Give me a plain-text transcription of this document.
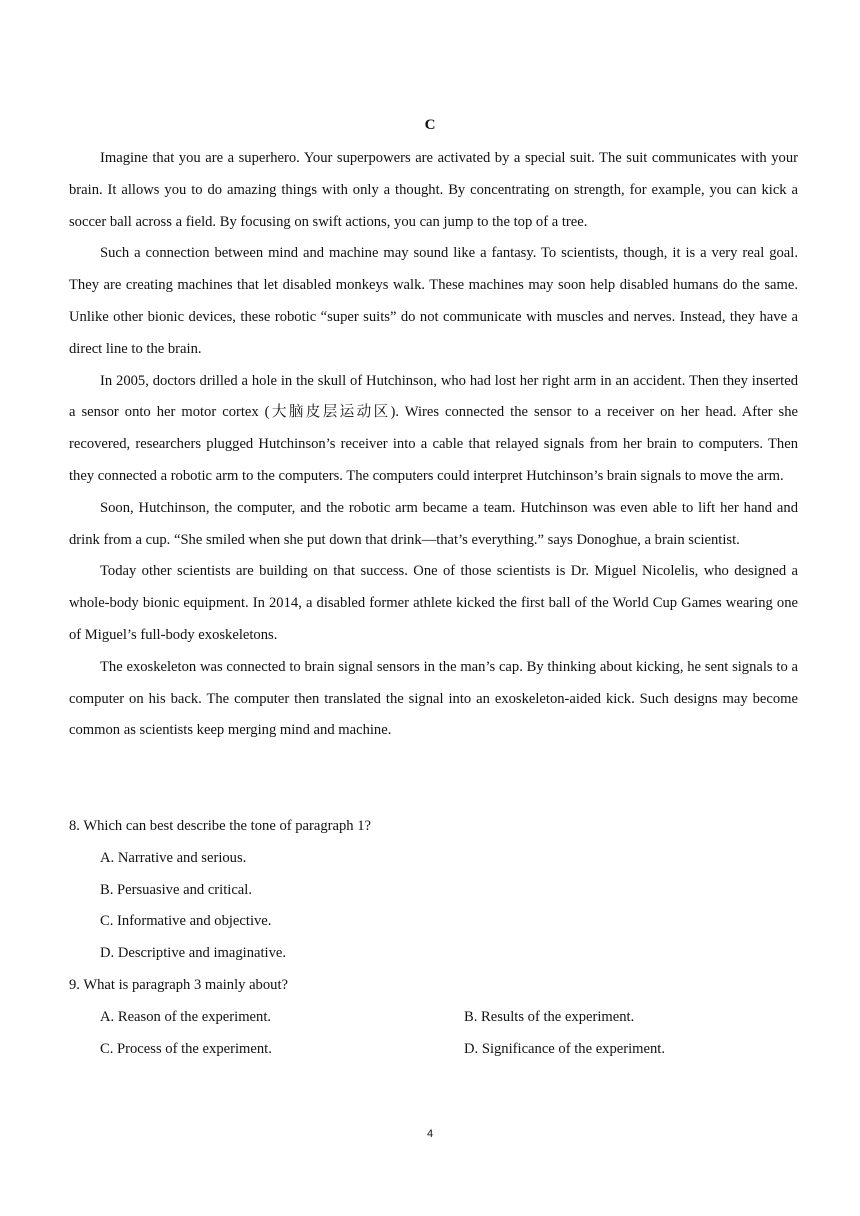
C

Imagine that you are a superhero. Your superpowers are activated by a special suit. The suit communicates with your brain. It allows you to do amazing things with only a thought. By concentrating on strength, for example, you can kick a soccer ball across a field. By focusing on swift actions, you can jump to the top of a tree.

Such a connection between mind and machine may sound like a fantasy. To scientists, though, it is a very real goal. They are creating machines that let disabled monkeys walk. These machines may soon help disabled humans do the same. Unlike other bionic devices, these robotic “super suits” do not communicate with muscles and nerves. Instead, they have a direct line to the brain.

In 2005, doctors drilled a hole in the skull of Hutchinson, who had lost her right arm in an accident. Then they inserted a sensor onto her motor cortex (大脑皮层运动区). Wires connected the sensor to a receiver on her head. After she recovered, researchers plugged Hutchinson’s receiver into a cable that relayed signals from her brain to computers. Then they connected a robotic arm to the computers. The computers could interpret Hutchinson’s brain signals to move the arm.

Soon, Hutchinson, the computer, and the robotic arm became a team. Hutchinson was even able to lift her hand and drink from a cup. “She smiled when she put down that drink—that’s everything.” says Donoghue, a brain scientist.

Today other scientists are building on that success. One of those scientists is Dr. Miguel Nicolelis, who designed a whole-body bionic equipment. In 2014, a disabled former athlete kicked the first ball of the World Cup Games wearing one of Miguel’s full-body exoskeletons.

The exoskeleton was connected to brain signal sensors in the man’s cap. By thinking about kicking, he sent signals to a computer on his back. The computer then translated the signal into an exoskeleton-aided kick. Such designs may become common as scientists keep merging mind and machine.

8. Which can best describe the tone of paragraph 1?

A. Narrative and serious.

B. Persuasive and critical.

C. Informative and objective.

D. Descriptive and imaginative.

9. What is paragraph 3 mainly about?

A. Reason of the experiment.	B. Results of the experiment.
C. Process of the experiment.	D. Significance of the experiment.
4
